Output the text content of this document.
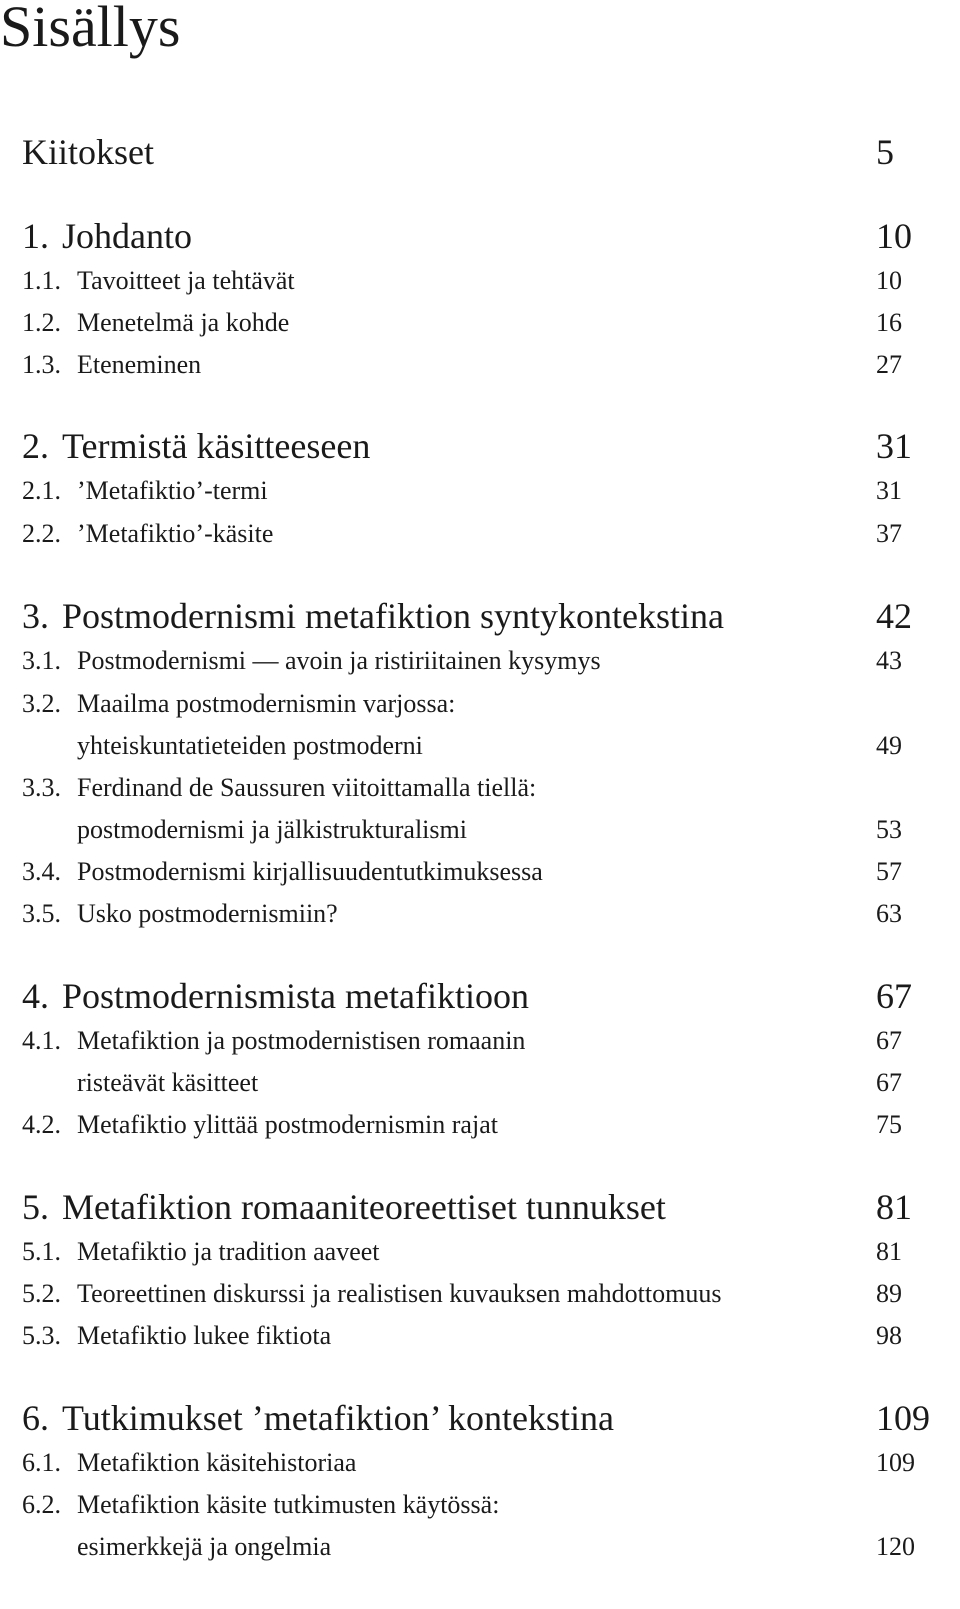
Sisällys
Kiitokset	5
1. Johdanto	10
1.1. Tavoitteet ja tehtävät	10
1.2. Menetelmä ja kohde	16
1.3. Eteneminen	27
2. Termistä käsitteeseen	31
2.1. ’Metafiktio’-termi	31
2.2. ’Metafiktio’-käsite	37
3. Postmodernismi metafiktion syntykontekstina	42
3.1. Postmodernismi — avoin ja ristiriitainen kysymys	43
3.2. Maailma postmodernismin varjossa:
yhteiskuntatieteiden postmoderni	49
3.3. Ferdinand de Saussuren viitoittamalla tiellä:
postmodernismi ja jälkistrukturalismi	53
3.4. Postmodernismi kirjallisuudentutkimuksessa	57
3.5. Usko postmodernismiin?	63
4. Postmodernismista metafiktioon	67
4.1. Metafiktion ja postmodernistisen romaanin	67
risteävät käsitteet	67
4.2. Metafiktio ylittää postmodernismin rajat	75
5. Metafiktion romaaniteoreettiset tunnukset	81
5.1. Metafiktio ja tradition aaveet	81
5.2. Teoreettinen diskurssi ja realistisen kuvauksen mahdottomuus	89
5.3. Metafiktio lukee fiktiota	98
6. Tutkimukset ’metafiktion’ kontekstina	109
6.1. Metafiktion käsitehistoriaa	109
6.2. Metafiktion käsite tutkimusten käytössä:
esimerkkejä ja ongelmia	120
